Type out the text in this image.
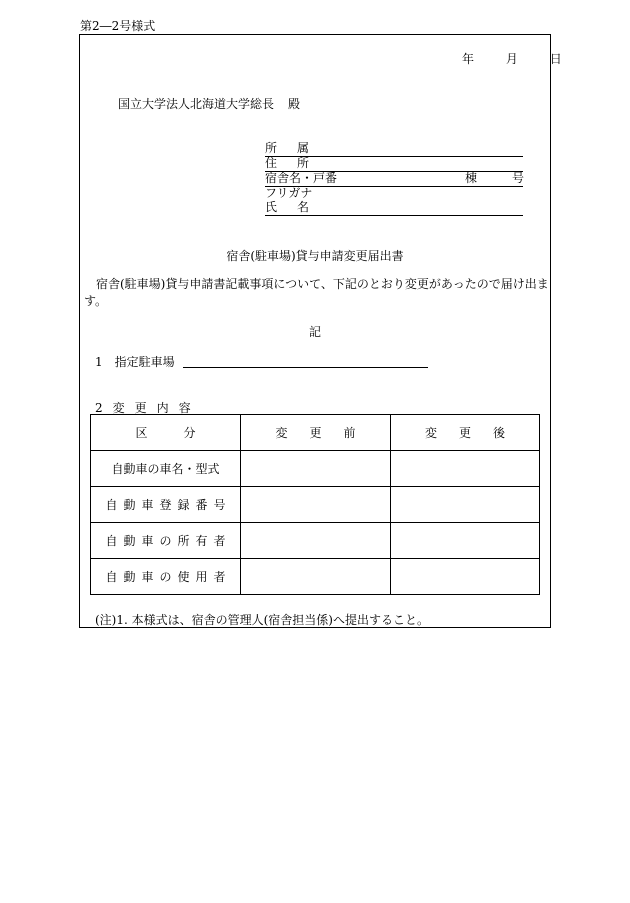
第2―2号様式
年	月	日
国立大学法人北海道大学総長 殿
所属
住所
宿舎名・戸番	棟	号
フリガナ
氏名
宿舎(駐車場)貸与申請変更届出書
宿舎(駐車場)貸与申請書記載事項について、下記のとおり変更があったので届け出ます。
記
1 指定駐車場
2 変更内容
区分	変更前	変更後
自動車の車名・型式		
自動車登録番号		
自動車の所有者		
自動車の使用者		
(注)1. 本様式は、宿舎の管理人(宿舎担当係)へ提出すること。
